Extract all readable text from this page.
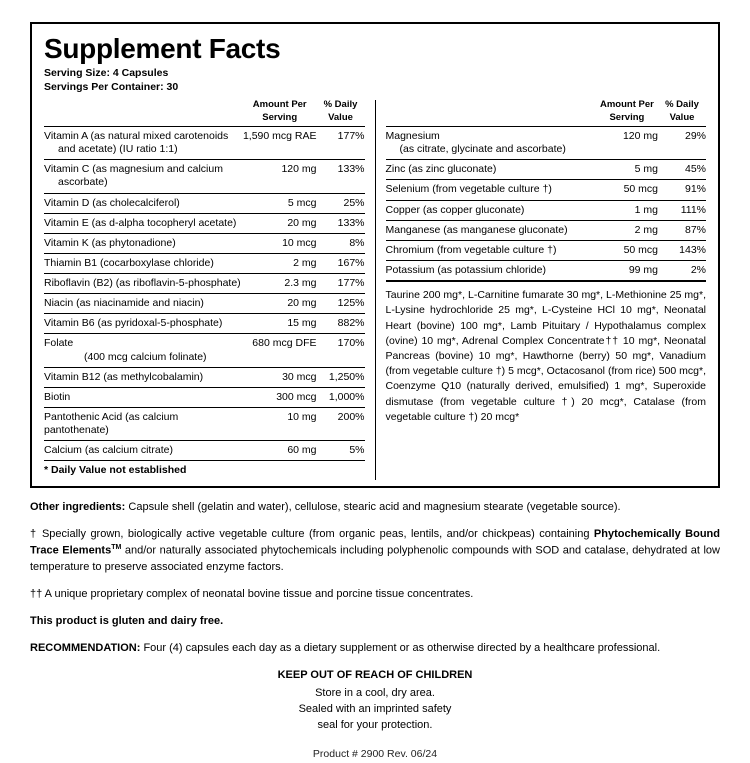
Supplement Facts
Serving Size: 4 Capsules
Servings Per Container: 30
	Amount Per	% Daily
	Serving	Value
Vitamin A (as natural mixed carotenoids
and acetate) (IU ratio 1:1)	1,590 mcg RAE	177%
Vitamin C (as magnesium and calcium
ascorbate)	120 mg	133%
Vitamin D (as cholecalciferol)	5 mcg	25%
Vitamin E (as d-alpha tocopheryl acetate)	20 mg	133%
Vitamin K (as phytonadione)	10 mcg	8%
Thiamin B1 (cocarboxylase chloride)	2 mg	167%
Riboflavin (B2) (as riboflavin-5-phosphate)	2.3 mg	177%
Niacin (as niacinamide and niacin)	20 mg	125%
Vitamin B6 (as pyridoxal-5-phosphate)	15 mg	882%
Folate
(400 mcg calcium folinate)	680 mcg DFE	170%
Vitamin B12 (as methylcobalamin)	30 mcg	1,250%
Biotin	300 mcg	1,000%
Pantothenic Acid (as calcium pantothenate)	10 mg	200%
Calcium (as calcium citrate)	60 mg	5%
* Daily Value not established		
	Amount Per	% Daily
	Serving	Value
Magnesium
(as citrate, glycinate and ascorbate)	120 mg	29%
Zinc (as zinc gluconate)	5 mg	45%
Selenium (from vegetable culture †)	50 mcg	91%
Copper (as copper gluconate)	1 mg	111%
Manganese (as manganese gluconate)	2 mg	87%
Chromium (from vegetable culture †)	50 mcg	143%
Potassium (as potassium chloride)	99 mg	2%
Taurine 200 mg*, L-Carnitine fumarate 30 mg*, L-Methionine 25 mg*, L-Lysine hydrochloride 25 mg*, L-Cysteine HCl 10 mg*, Neonatal Heart (bovine) 100 mg*, Lamb Pituitary / Hypothalamus complex (ovine) 10 mg*, Adrenal Complex Concentrate†† 10 mg*, Neonatal Pancreas (bovine) 10 mg*, Hawthorne (berry) 50 mg*, Vanadium (from vegetable culture †) 5 mcg*, Octacosanol (from rice) 500 mcg*, Coenzyme Q10 (naturally derived, emulsified) 1 mg*, Superoxide dismutase (from vegetable culture †) 20 mcg*, Catalase (from vegetable culture †) 20 mcg*

Other ingredients: Capsule shell (gelatin and water), cellulose, stearic acid and magnesium stearate (vegetable source).

† Specially grown, biologically active vegetable culture (from organic peas, lentils, and/or chickpeas) containing Phytochemically Bound Trace Elements™ and/or naturally associated phytochemicals including polyphenolic compounds with SOD and catalase, dehydrated at low temperature to preserve associated enzyme factors.

†† A unique proprietary complex of neonatal bovine tissue and porcine tissue concentrates.

This product is gluten and dairy free.

RECOMMENDATION: Four (4) capsules each day as a dietary supplement or as otherwise directed by a healthcare professional.

KEEP OUT OF REACH OF CHILDREN
Store in a cool, dry area.
Sealed with an imprinted safety
seal for your protection.
Product # 2900 Rev. 06/24
